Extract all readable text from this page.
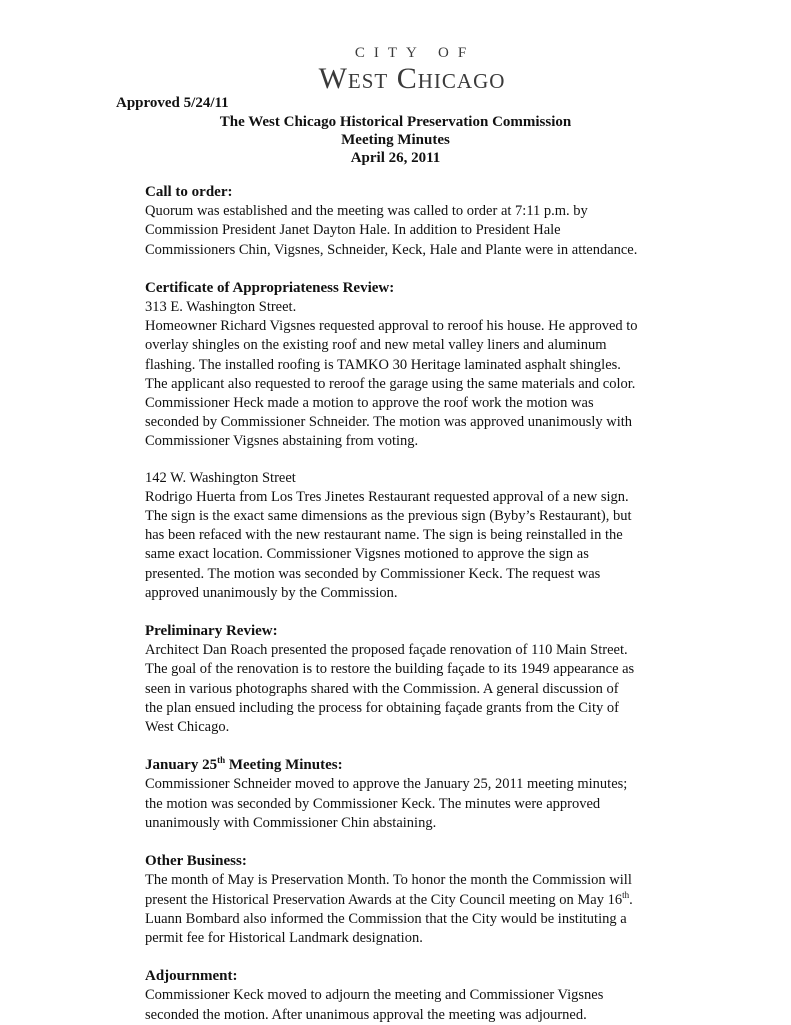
CITY OF
West Chicago
Approved 5/24/11
The West Chicago Historical Preservation Commission
Meeting Minutes
April 26, 2011

Call to order:

Quorum was established and the meeting was called to order at 7:11 p.m. by

Commission President Janet Dayton Hale. In addition to President Hale

Commissioners Chin, Vigsnes, Schneider, Keck, Hale and Plante were in attendance.

Certificate of Appropriateness Review:

313 E. Washington Street.

Homeowner Richard Vigsnes requested approval to reroof his house. He approved to

overlay shingles on the existing roof and new metal valley liners and aluminum

flashing. The installed roofing is TAMKO 30 Heritage laminated asphalt shingles.

The applicant also requested to reroof the garage using the same materials and color.

Commissioner Heck made a motion to approve the roof work the motion was

seconded by Commissioner Schneider. The motion was approved unanimously with

Commissioner Vigsnes abstaining from voting.

142 W. Washington Street

Rodrigo Huerta from Los Tres Jinetes Restaurant requested approval of a new sign.

The sign is the exact same dimensions as the previous sign (Byby’s Restaurant), but

has been refaced with the new restaurant name. The sign is being reinstalled in the

same exact location. Commissioner Vigsnes motioned to approve the sign as

presented. The motion was seconded by Commissioner Keck. The request was

approved unanimously by the Commission.

Preliminary Review:

Architect Dan Roach presented the proposed façade renovation of 110 Main Street.

The goal of the renovation is to restore the building façade to its 1949 appearance as

seen in various photographs shared with the Commission. A general discussion of

the plan ensued including the process for obtaining façade grants from the City of

West Chicago.

January 25th Meeting Minutes:

Commissioner Schneider moved to approve the January 25, 2011 meeting minutes;

the motion was seconded by Commissioner Keck. The minutes were approved

unanimously with Commissioner Chin abstaining.

Other Business:

The month of May is Preservation Month. To honor the month the Commission will

present the Historical Preservation Awards at the City Council meeting on May 16th.

Luann Bombard also informed the Commission that the City would be instituting a

permit fee for Historical Landmark designation.

Adjournment:

Commissioner Keck moved to adjourn the meeting and Commissioner Vigsnes

seconded the motion. After unanimous approval the meeting was adjourned.
